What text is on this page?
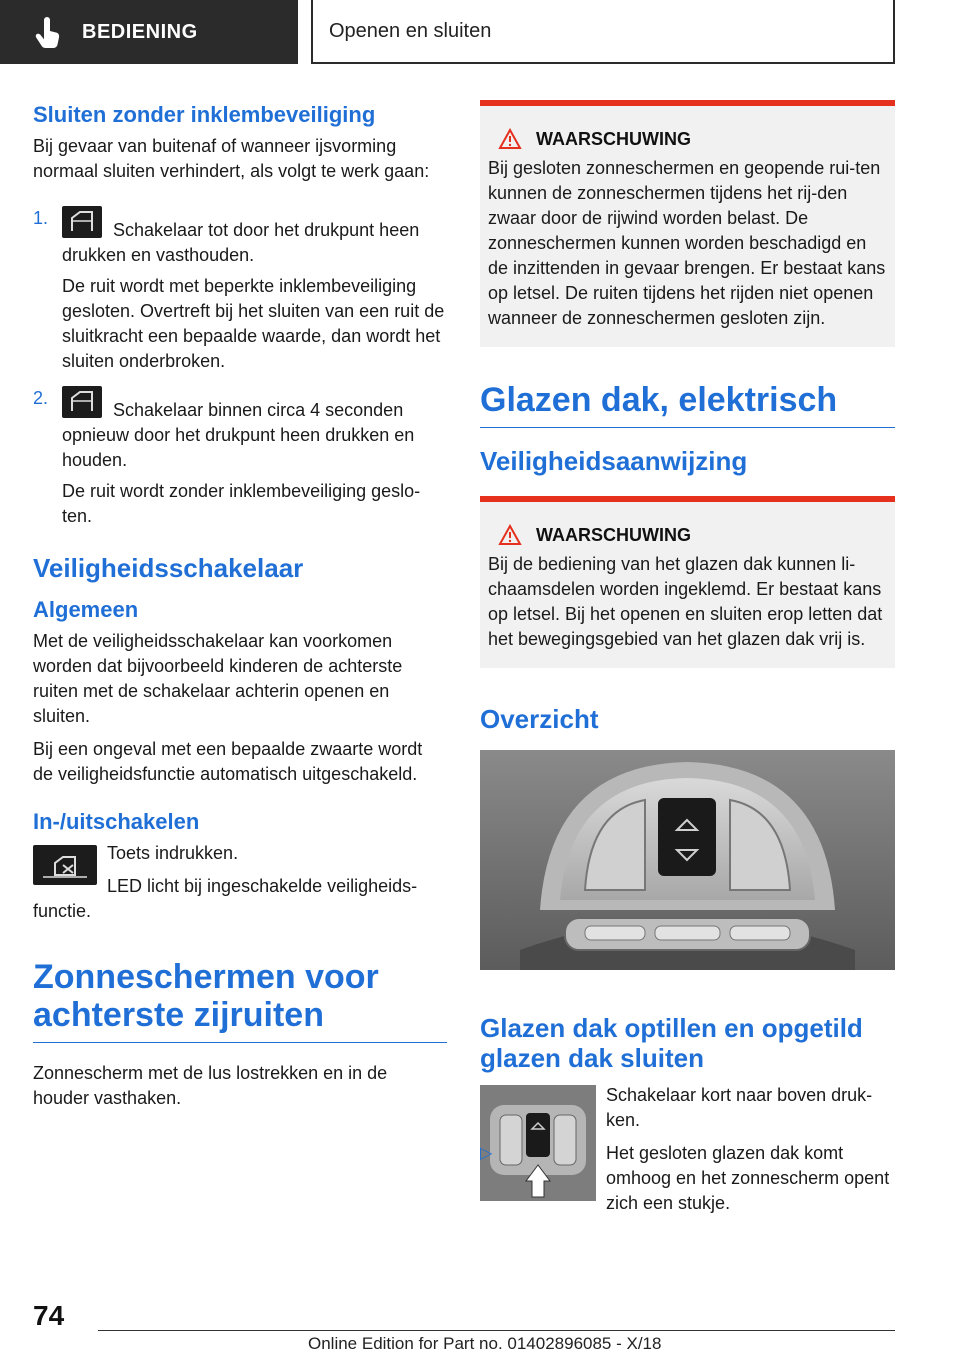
BEDIENING	Openen en sluiten
Sluiten zonder inklembeveiliging

Bij gevaar van buitenaf of wanneer ijsvorming normaal sluiten verhindert, als volgt te werk gaan:

1.

Schakelaar tot door het drukpunt heen drukken en vasthouden.

De ruit wordt met beperkte inklembeveiliging gesloten. Overtreft bij het sluiten van een ruit de sluitkracht een bepaalde waarde, dan wordt het sluiten onderbroken.

2.

Schakelaar binnen circa 4 seconden opnieuw door het drukpunt heen drukken en houden.

De ruit wordt zonder inklembeveiliging geslo-ten.

Veiligheidsschakelaar
Algemeen

Met de veiligheidsschakelaar kan voorkomen worden dat bijvoorbeeld kinderen de achterste ruiten met de schakelaar achterin openen en sluiten.

Bij een ongeval met een bepaalde zwaarte wordt de veiligheidsfunctie automatisch uitgeschakeld.

In-/uitschakelen

Toets indrukken.

LED licht bij ingeschakelde veiligheids-functie.

Zonneschermen voor achterste zijruiten

Zonnescherm met de lus lostrekken en in de houder vasthaken.

WAARSCHUWING

Bij gesloten zonneschermen en geopende rui-ten kunnen de zonneschermen tijdens het rij-den zwaar door de rijwind worden belast. De zonneschermen kunnen worden beschadigd en de inzittenden in gevaar brengen. Er bestaat kans op letsel. De ruiten tijdens het rijden niet openen wanneer de zonneschermen gesloten zijn.

Glazen dak, elektrisch
Veiligheidsaanwijzing
WAARSCHUWING

Bij de bediening van het glazen dak kunnen li-chaamsdelen worden ingeklemd. Er bestaat kans op letsel. Bij het openen en sluiten erop letten dat het bewegingsgebied van het glazen dak vrij is.

Overzicht
Glazen dak optillen en opgetild glazen dak sluiten

Schakelaar kort naar boven druk-ken.

▷	Het gesloten glazen dak komt omhoog en het zonnescherm opent zich een stukje.

74
Online Edition for Part no. 01402896085 - X/18
